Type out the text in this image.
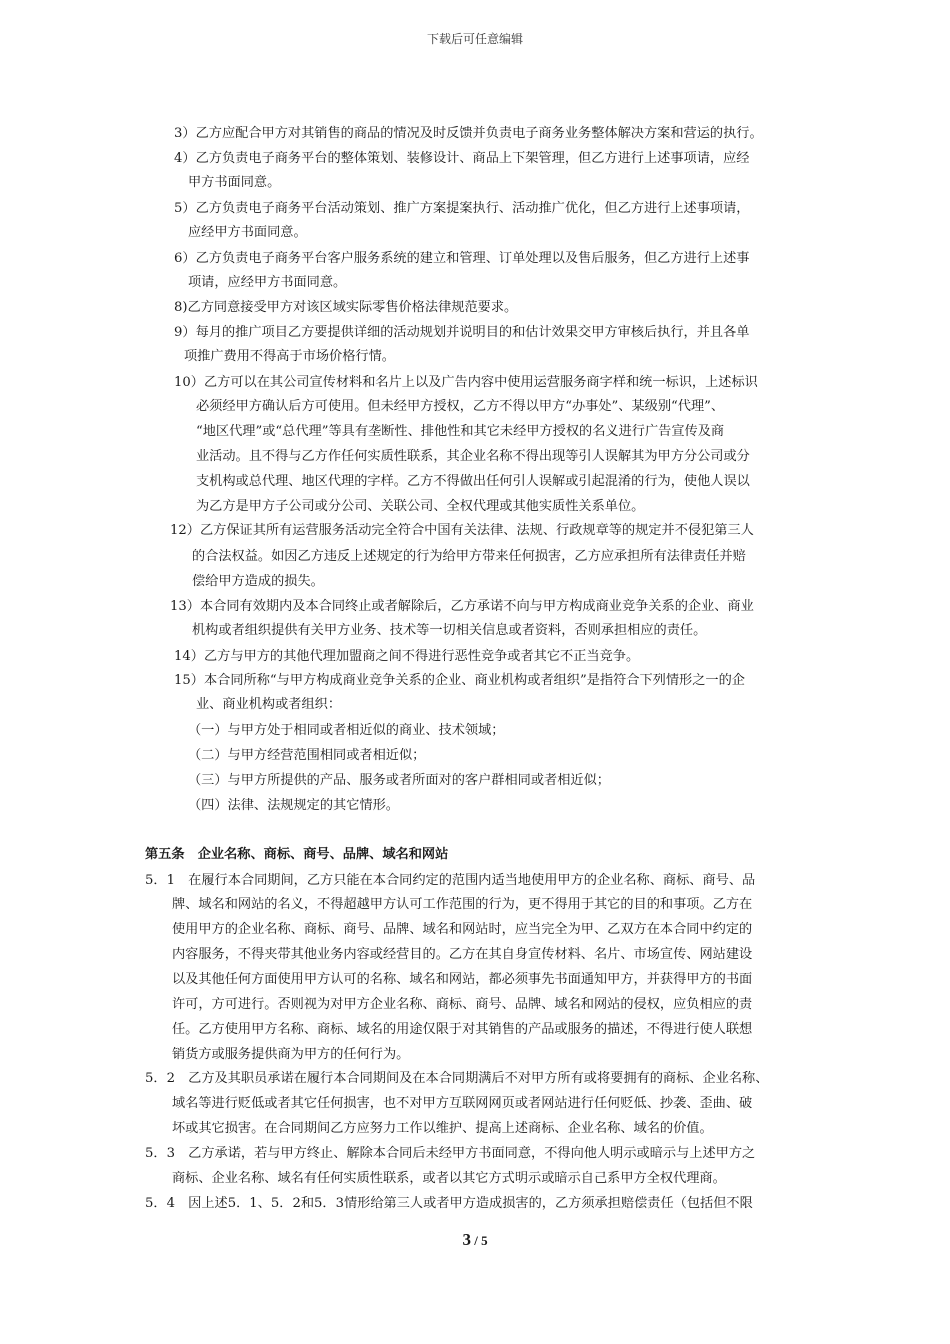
下载后可任意编辑
3）乙方应配合甲方对其销售的商品的情况及时反馈并负责电子商务业务整体解决方案和营运的执行。
4）乙方负责电子商务平台的整体策划、装修设计、商品上下架管理，但乙方进行上述事项请，应经
甲方书面同意。
5）乙方负责电子商务平台活动策划、推广方案提案执行、活动推广优化，但乙方进行上述事项请，
应经甲方书面同意。
6）乙方负责电子商务平台客户服务系统的建立和管理、订单处理以及售后服务，但乙方进行上述事
项请，应经甲方书面同意。
8)乙方同意接受甲方对该区域实际零售价格法律规范要求。
9）每月的推广项目乙方要提供详细的活动规划并说明目的和估计效果交甲方审核后执行，并且各单
项推广费用不得高于市场价格行情。
10）乙方可以在其公司宣传材料和名片上以及广告内容中使用运营服务商字样和统一标识，上述标识
必须经甲方确认后方可使用。但未经甲方授权，乙方不得以甲方“办事处”、某级别“代理”、
“地区代理”或“总代理”等具有垄断性、排他性和其它未经甲方授权的名义进行广告宣传及商
业活动。且不得与乙方作任何实质性联系，其企业名称不得出现等引人误解其为甲方分公司或分
支机构或总代理、地区代理的字样。乙方不得做出任何引人误解或引起混淆的行为，使他人误以
为乙方是甲方子公司或分公司、关联公司、全权代理或其他实质性关系单位。
12）乙方保证其所有运营服务活动完全符合中国有关法律、法规、行政规章等的规定并不侵犯第三人
的合法权益。如因乙方违反上述规定的行为给甲方带来任何损害，乙方应承担所有法律责任并赔
偿给甲方造成的损失。
13）本合同有效期内及本合同终止或者解除后，乙方承诺不向与甲方构成商业竞争关系的企业、商业
机构或者组织提供有关甲方业务、技术等一切相关信息或者资料，否则承担相应的责任。
14）乙方与甲方的其他代理加盟商之间不得进行恶性竞争或者其它不正当竞争。
15）本合同所称“与甲方构成商业竞争关系的企业、商业机构或者组织”是指符合下列情形之一的企
业、商业机构或者组织：
（一）与甲方处于相同或者相近似的商业、技术领域；
（二）与甲方经营范围相同或者相近似；
（三）与甲方所提供的产品、服务或者所面对的客户群相同或者相近似；
（四）法律、法规规定的其它情形。
第五条　企业名称、商标、商号、品牌、域名和网站
5．1　在履行本合同期间，乙方只能在本合同约定的范围内适当地使用甲方的企业名称、商标、商号、品
牌、域名和网站的名义，不得超越甲方认可工作范围的行为，更不得用于其它的目的和事项。乙方在
使用甲方的企业名称、商标、商号、品牌、域名和网站时，应当完全为甲、乙双方在本合同中约定的
内容服务，不得夹带其他业务内容或经营目的。乙方在其自身宣传材料、名片、市场宣传、网站建设
以及其他任何方面使用甲方认可的名称、域名和网站，都必须事先书面通知甲方，并获得甲方的书面
许可，方可进行。否则视为对甲方企业名称、商标、商号、品牌、域名和网站的侵权，应负相应的责
任。乙方使用甲方名称、商标、域名的用途仅限于对其销售的产品或服务的描述，不得进行使人联想
销货方或服务提供商为甲方的任何行为。
5．2　乙方及其职员承诺在履行本合同期间及在本合同期满后不对甲方所有或将要拥有的商标、企业名称、
域名等进行贬低或者其它任何损害，也不对甲方互联网网页或者网站进行任何贬低、抄袭、歪曲、破
坏或其它损害。在合同期间乙方应努力工作以维护、提高上述商标、企业名称、域名的价值。
5．3　乙方承诺，若与甲方终止、解除本合同后未经甲方书面同意，不得向他人明示或暗示与上述甲方之
商标、企业名称、域名有任何实质性联系，或者以其它方式明示或暗示自己系甲方全权代理商。
5．4　因上述5．1、5．2和5．3情形给第三人或者甲方造成损害的，乙方须承担赔偿责任（包括但不限
3 / 5
